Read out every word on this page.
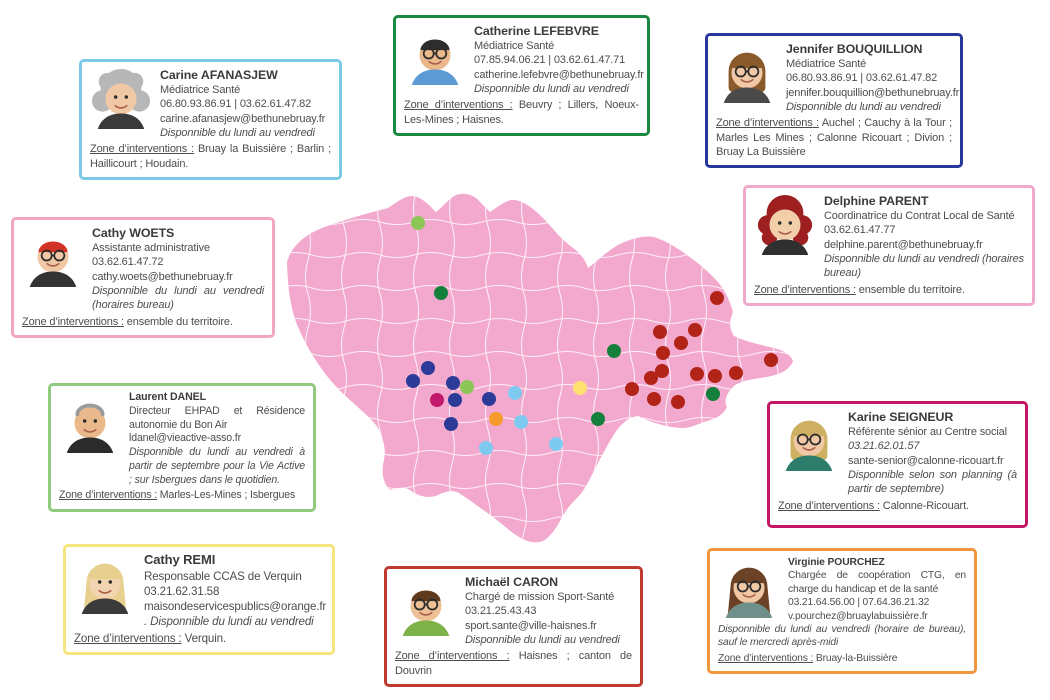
Carine AFANASJEW
Médiatrice Santé
06.80.93.86.91 | 03.62.61.47.82
carine.afanasjew@bethunebruay.fr
Disponnible du lundi au vendredi
Zone d’interventions : Bruay la Buissière ; Barlin ; Haillicourt ; Houdain.
Catherine LEFEBVRE
Médiatrice Santé
07.85.94.06.21 | 03.62.61.47.71
catherine.lefebvre@bethunebruay.fr
Disponnible du lundi au vendredi
Zone d’interventions : Beuvry ; Lillers, Noeux-Les-Mines ; Haisnes.
Jennifer BOUQUILLION
Médiatrice Santé
06.80.93.86.91 | 03.62.61.47.82
jennifer.bouquillion@bethunebruay.fr
Disponnible du lundi au vendredi
Zone d’interventions : Auchel ; Cauchy à la Tour ; Marles Les Mines ; Calonne Ricouart ; Divion ; Bruay La Buissière
Cathy WOETS
Assistante administrative
03.62.61.47.72
cathy.woets@bethunebruay.fr
Disponnible du lundi au vendredi (horaires bureau)
Zone d’interventions : ensemble du territoire.
Delphine PARENT
Coordinatrice du Contrat Local de Santé
03.62.61.47.77
delphine.parent@bethunebruay.fr
Disponnible du lundi au vendredi (horaires bureau)
Zone d’interventions : ensemble du territoire.
Laurent DANEL
Directeur EHPAD et Résidence autonomie du Bon Air
ldanel@vieactive-asso.fr
Disponnible du lundi au vendredi à partir de septembre pour la Vie Active ; sur Isbergues dans le quotidien.
Zone d’interventions : Marles-Les-Mines ; Isbergues
Karine SEIGNEUR
Référente sénior au Centre social
03.21.62.01.57
sante-senior@calonne-ricouart.fr
Disponnible selon son planning (à partir de septembre)
Zone d’interventions : Calonne-Ricouart.
Cathy REMI
Responsable CCAS de Verquin
03.21.62.31.58
maisondeservicespublics@orange.fr
. Disponnible du lundi au vendredi
Zone d’interventions : Verquin.
Michaël CARON
Chargé de mission Sport-Santé
03.21.25.43.43
sport.sante@ville-haisnes.fr
Disponnible du lundi au vendredi
Zone d’interventions : Haisnes ; canton de Douvrin
Virginie POURCHEZ
Chargée de coopération CTG, en charge du handicap et de la santé
03.21.64.56.00 | 07.64.36.21.32
v.pourchez@bruaylabuissière.fr
Disponnible du lundi au vendredi (horaire de bureau), sauf le mercredi après-midi
Zone d’interventions : Bruay-la-Buissière
